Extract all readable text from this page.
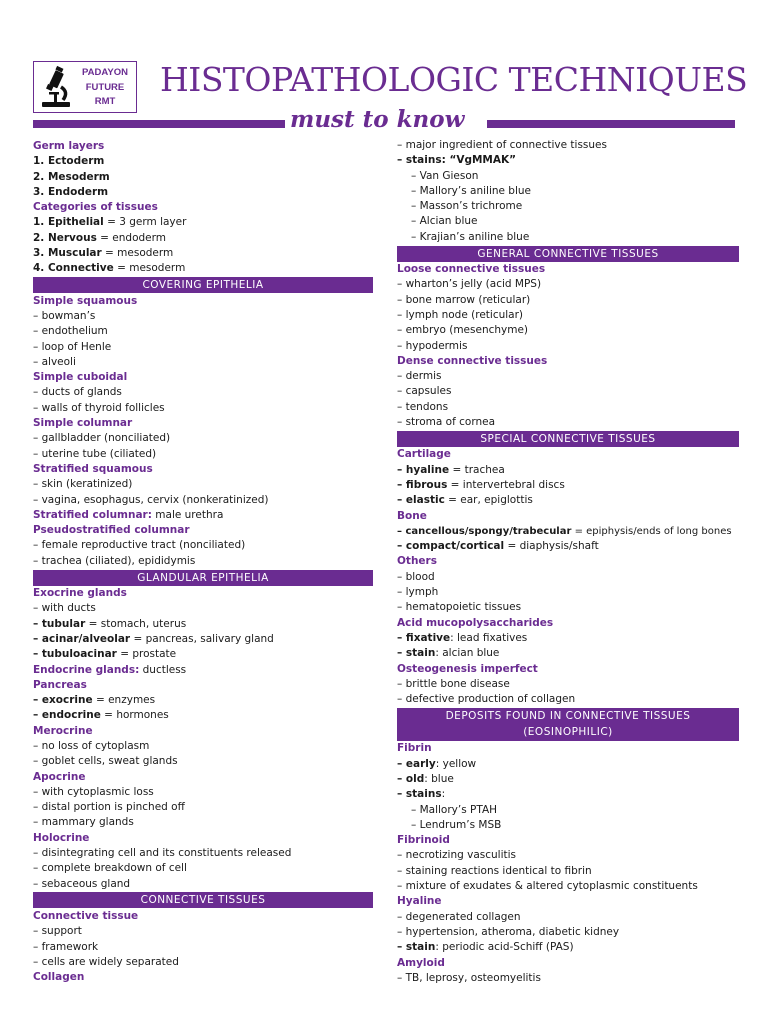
PADAYON
FUTURE
RMT
HISTOPATHOLOGIC TECHNIQUES
must to know
Germ layers
1. Ectoderm
2. Mesoderm
3. Endoderm
Categories of tissues
1. Epithelial = 3 germ layer
2. Nervous = endoderm
3. Muscular = mesoderm
4. Connective = mesoderm
COVERING EPITHELIA
Simple squamous
– bowman’s
– endothelium
– loop of Henle
– alveoli
Simple cuboidal
– ducts of glands
– walls of thyroid follicles
Simple columnar
– gallbladder (nonciliated)
– uterine tube (ciliated)
Stratified squamous
– skin (keratinized)
– vagina, esophagus, cervix (nonkeratinized)
Stratified columnar: male urethra
Pseudostratified columnar
– female reproductive tract (nonciliated)
– trachea (ciliated), epididymis
GLANDULAR EPITHELIA
Exocrine glands
– with ducts
– tubular = stomach, uterus
– acinar/alveolar = pancreas, salivary gland
– tubuloacinar = prostate
Endocrine glands: ductless
Pancreas
– exocrine = enzymes
– endocrine = hormones
Merocrine
– no loss of cytoplasm
– goblet cells, sweat glands
Apocrine
– with cytoplasmic loss
– distal portion is pinched off
– mammary glands
Holocrine
– disintegrating cell and its constituents released
– complete breakdown of cell
– sebaceous gland
CONNECTIVE TISSUES
Connective tissue
– support
– framework
– cells are widely separated
Collagen
– major ingredient of connective tissues
– stains: “VgMMAK”
– Van Gieson
– Mallory’s aniline blue
– Masson’s trichrome
– Alcian blue
– Krajian’s aniline blue
GENERAL CONNECTIVE TISSUES
Loose connective tissues
– wharton’s jelly (acid MPS)
– bone marrow (reticular)
– lymph node (reticular)
– embryo (mesenchyme)
– hypodermis
Dense connective tissues
– dermis
– capsules
– tendons
– stroma of cornea
SPECIAL CONNECTIVE TISSUES
Cartilage
– hyaline = trachea
– fibrous = intervertebral discs
– elastic = ear, epiglottis
Bone
– cancellous/spongy/trabecular = epiphysis/ends of long bones
– compact/cortical = diaphysis/shaft
Others
– blood
– lymph
– hematopoietic tissues
Acid mucopolysaccharides
– fixative: lead fixatives
– stain: alcian blue
Osteogenesis imperfect
– brittle bone disease
– defective production of collagen
DEPOSITS FOUND IN CONNECTIVE TISSUES
(EOSINOPHILIC)
Fibrin
– early: yellow
– old: blue
– stains:
– Mallory’s PTAH
– Lendrum’s MSB
Fibrinoid
– necrotizing vasculitis
– staining reactions identical to fibrin
– mixture of exudates & altered cytoplasmic constituents
Hyaline
– degenerated collagen
– hypertension, atheroma, diabetic kidney
– stain: periodic acid-Schiff (PAS)
Amyloid
– TB, leprosy, osteomyelitis
